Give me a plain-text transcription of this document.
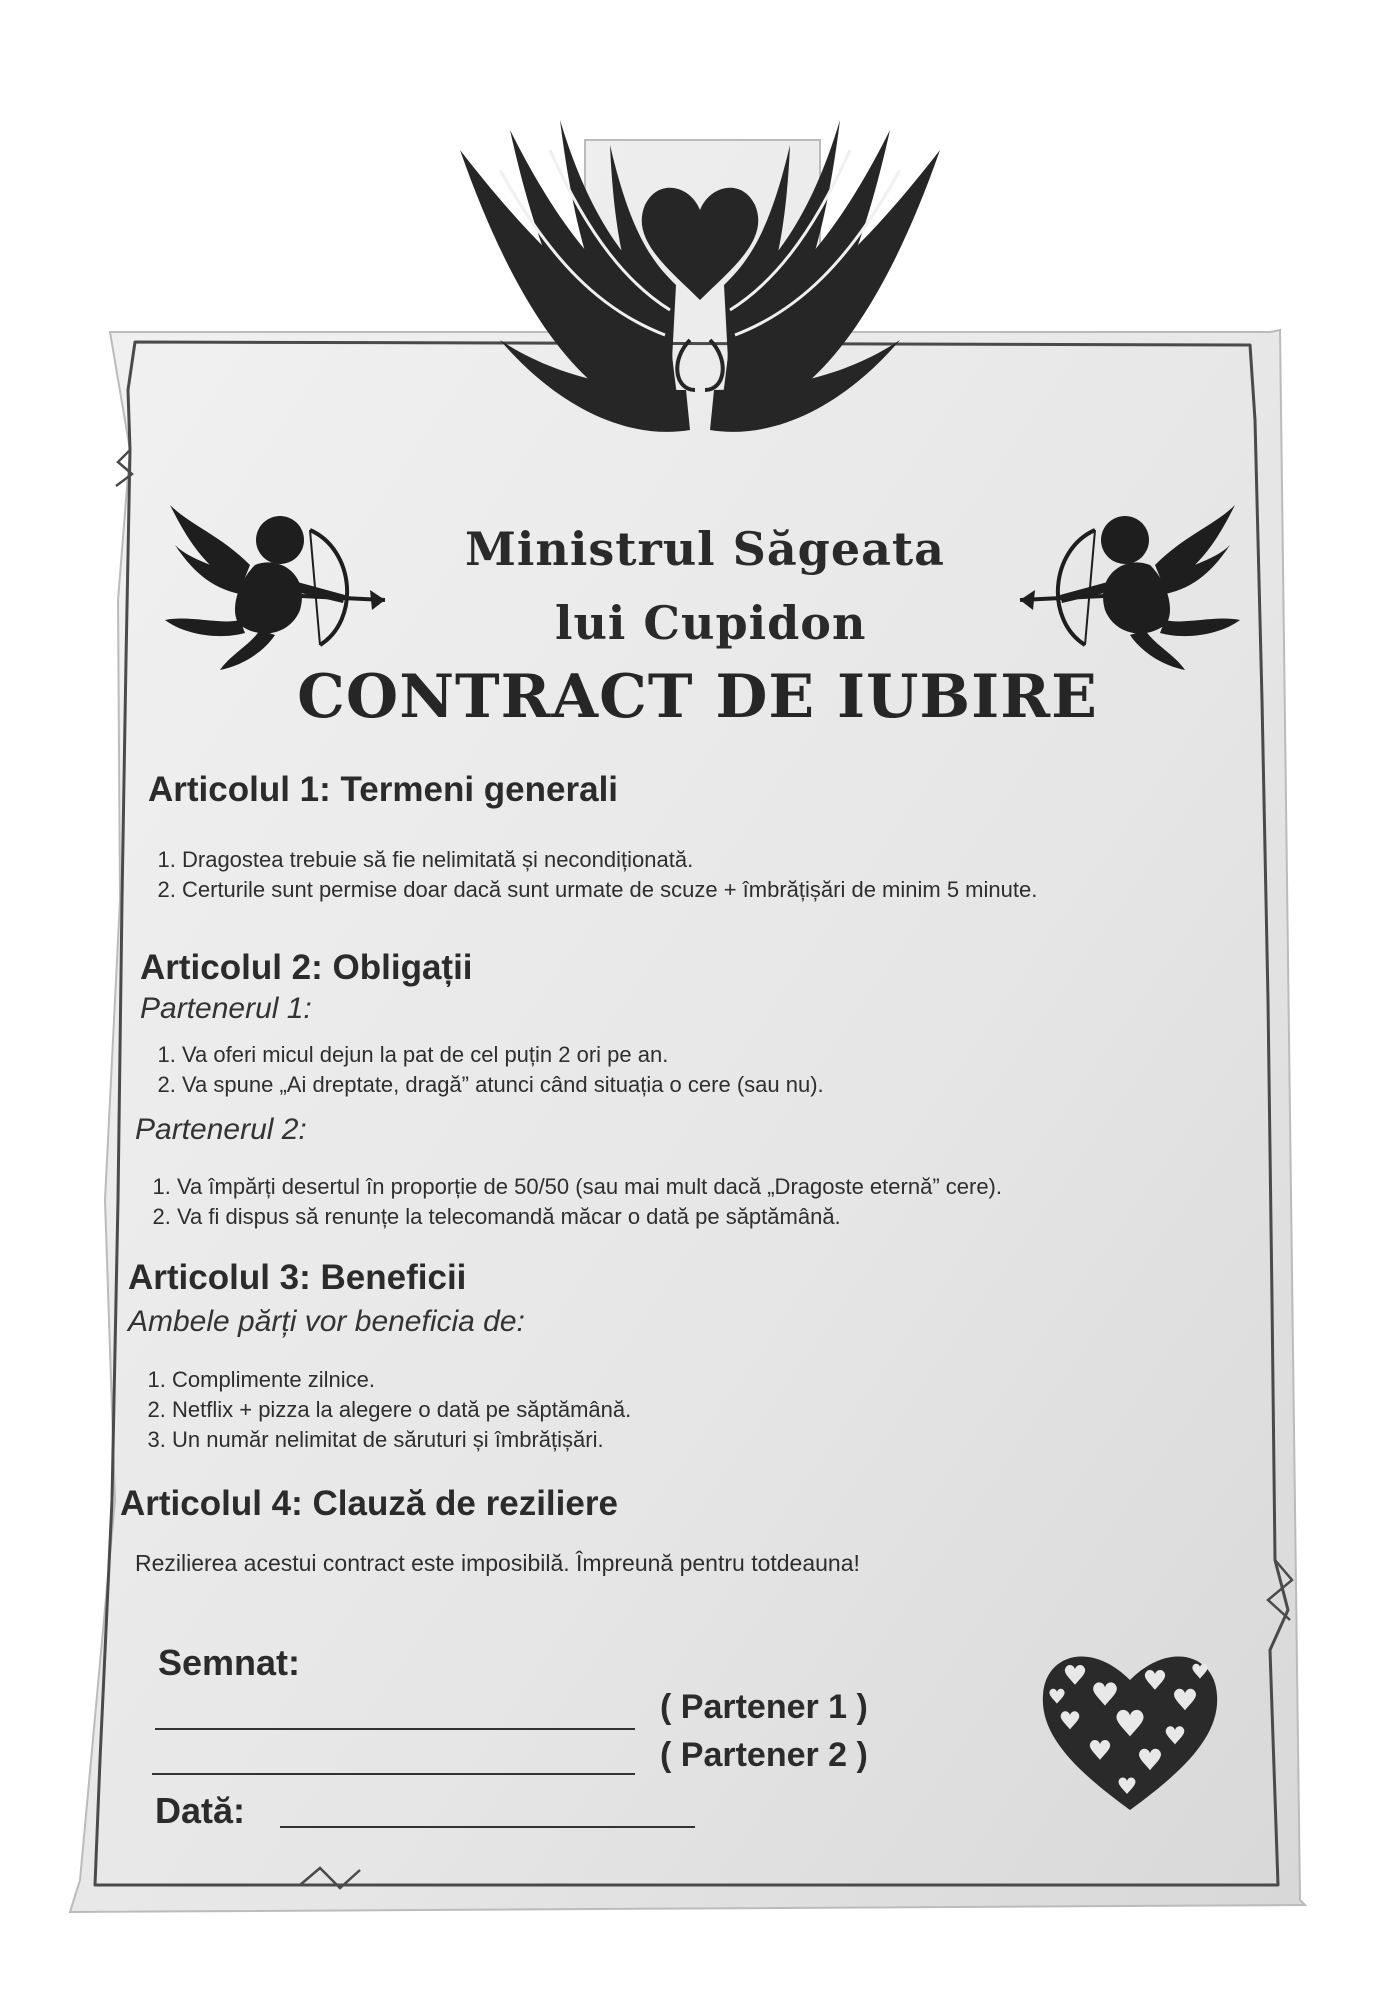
Ministrul Săgeata
lui Cupidon
CONTRACT DE IUBIRE
Articolul 1: Termeni generali
1. Dragostea trebuie să fie nelimitată și necondiționată.
2. Certurile sunt permise doar dacă sunt urmate de scuze + îmbrățișări de minim 5 minute.
Articolul 2: Obligații
Partenerul 1:
1. Va oferi micul dejun la pat de cel puțin 2 ori pe an.
2. Va spune „Ai dreptate, dragă” atunci când situația o cere (sau nu).
Partenerul 2:
1. Va împărți desertul în proporție de 50/50 (sau mai mult dacă „Dragoste eternă” cere).
2. Va fi dispus să renunțe la telecomandă măcar o dată pe săptămână.
Articolul 3: Beneficii
Ambele părți vor beneficia de:
1. Complimente zilnice.
2. Netflix + pizza la alegere o dată pe săptămână.
3. Un număr nelimitat de săruturi și îmbrățișări.
Articolul 4: Clauză de reziliere
Rezilierea acestui contract este imposibilă. Împreună pentru totdeauna!
Semnat:
( Partener 1 )
( Partener 2 )
Dată:
